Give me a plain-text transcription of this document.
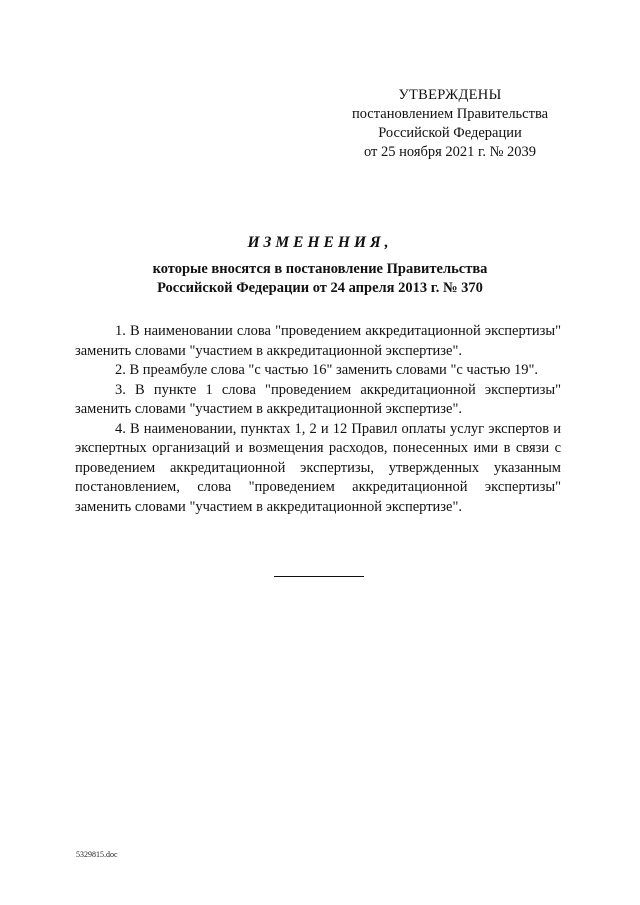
УТВЕРЖДЕНЫ
постановлением Правительства
Российской Федерации
от 25 ноября 2021 г. № 2039
ИЗМЕНЕНИЯ,
которые вносятся в постановление Правительства
Российской Федерации от 24 апреля 2013 г. № 370

1. В наименовании слова "проведением аккредитационной экспертизы" заменить словами "участием в аккредитационной экспертизе".

2. В преамбуле слова "с частью 16" заменить словами "с частью 19".

3. В пункте 1 слова "проведением аккредитационной экспертизы" заменить словами "участием в аккредитационной экспертизе".

4. В наименовании, пунктах 1, 2 и 12 Правил оплаты услуг экспертов и экспертных организаций и возмещения расходов, понесенных ими в связи с проведением аккредитационной экспертизы, утвержденных указанным постановлением, слова "проведением аккредитационной экспертизы" заменить словами "участием в аккредитационной экспертизе".

5329815.doc
